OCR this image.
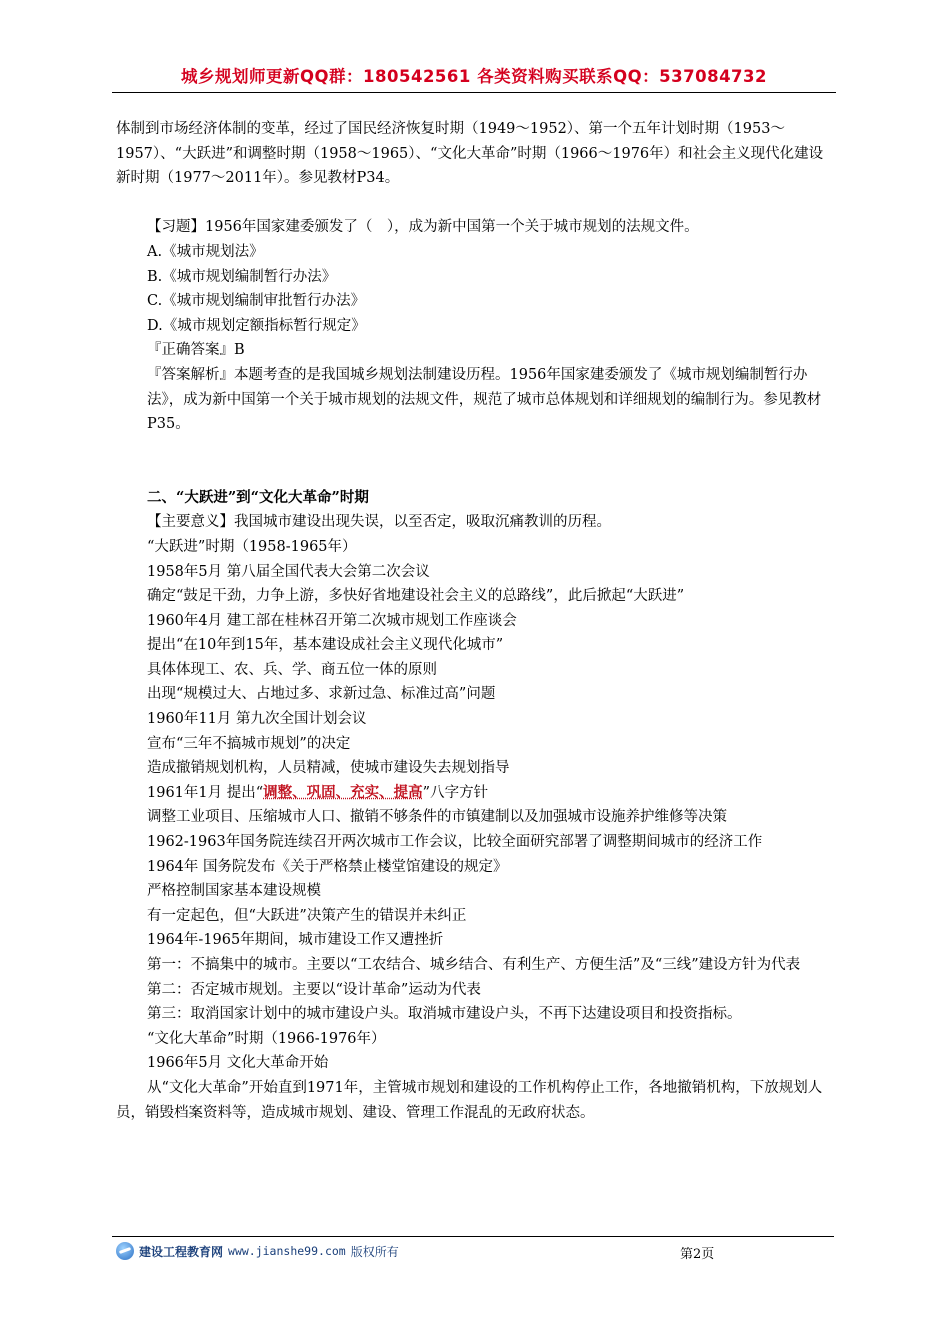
城乡规划师更新QQ群：180542561 各类资料购买联系QQ：537084732

体制到市场经济体制的变革，经过了国民经济恢复时期（1949～1952）、第一个五年计划时期（1953～1957）、“大跃进”和调整时期（1958～1965）、“文化大革命”时期（1966～1976年）和社会主义现代化建设新时期（1977～2011年）。参见教材P34。

【习题】1956年国家建委颁发了（　），成为新中国第一个关于城市规划的法规文件。

A.《城市规划法》

B.《城市规划编制暂行办法》

C.《城市规划编制审批暂行办法》

D.《城市规划定额指标暂行规定》

『正确答案』B

『答案解析』本题考查的是我国城乡规划法制建设历程。1956年国家建委颁发了《城市规划编制暂行办法》，成为新中国第一个关于城市规划的法规文件，规范了城市总体规划和详细规划的编制行为。参见教材P35。

二、“大跃进”到“文化大革命”时期

【主要意义】我国城市建设出现失误，以至否定，吸取沉痛教训的历程。

“大跃进”时期（1958-1965年）

1958年5月 第八届全国代表大会第二次会议

确定“鼓足干劲，力争上游，多快好省地建设社会主义的总路线”，此后掀起“大跃进”

1960年4月 建工部在桂林召开第二次城市规划工作座谈会

提出“在10年到15年，基本建设成社会主义现代化城市”

具体体现工、农、兵、学、商五位一体的原则

出现“规模过大、占地过多、求新过急、标准过高”问题

1960年11月 第九次全国计划会议

宣布“三年不搞城市规划”的决定

造成撤销规划机构，人员精减，使城市建设失去规划指导

1961年1月 提出“调整、巩固、充实、提高”八字方针

调整工业项目、压缩城市人口、撤销不够条件的市镇建制以及加强城市设施养护维修等决策

1962-1963年国务院连续召开两次城市工作会议，比较全面研究部署了调整期间城市的经济工作

1964年 国务院发布《关于严格禁止楼堂馆建设的规定》

严格控制国家基本建设规模

有一定起色，但“大跃进”决策产生的错误并未纠正

1964年-1965年期间，城市建设工作又遭挫折

第一：不搞集中的城市。主要以“工农结合、城乡结合、有利生产、方便生活”及“三线”建设方针为代表

第二：否定城市规划。主要以“设计革命”运动为代表

第三：取消国家计划中的城市建设户头。取消城市建设户头，不再下达建设项目和投资指标。

“文化大革命”时期（1966-1976年）

1966年5月 文化大革命开始

从“文化大革命”开始直到1971年，主管城市规划和建设的工作机构停止工作，各地撤销机构，下放规划人员，销毁档案资料等，造成城市规划、建设、管理工作混乱的无政府状态。

建设工程教育网 www.jianshe99.com 版权所有	第2页
